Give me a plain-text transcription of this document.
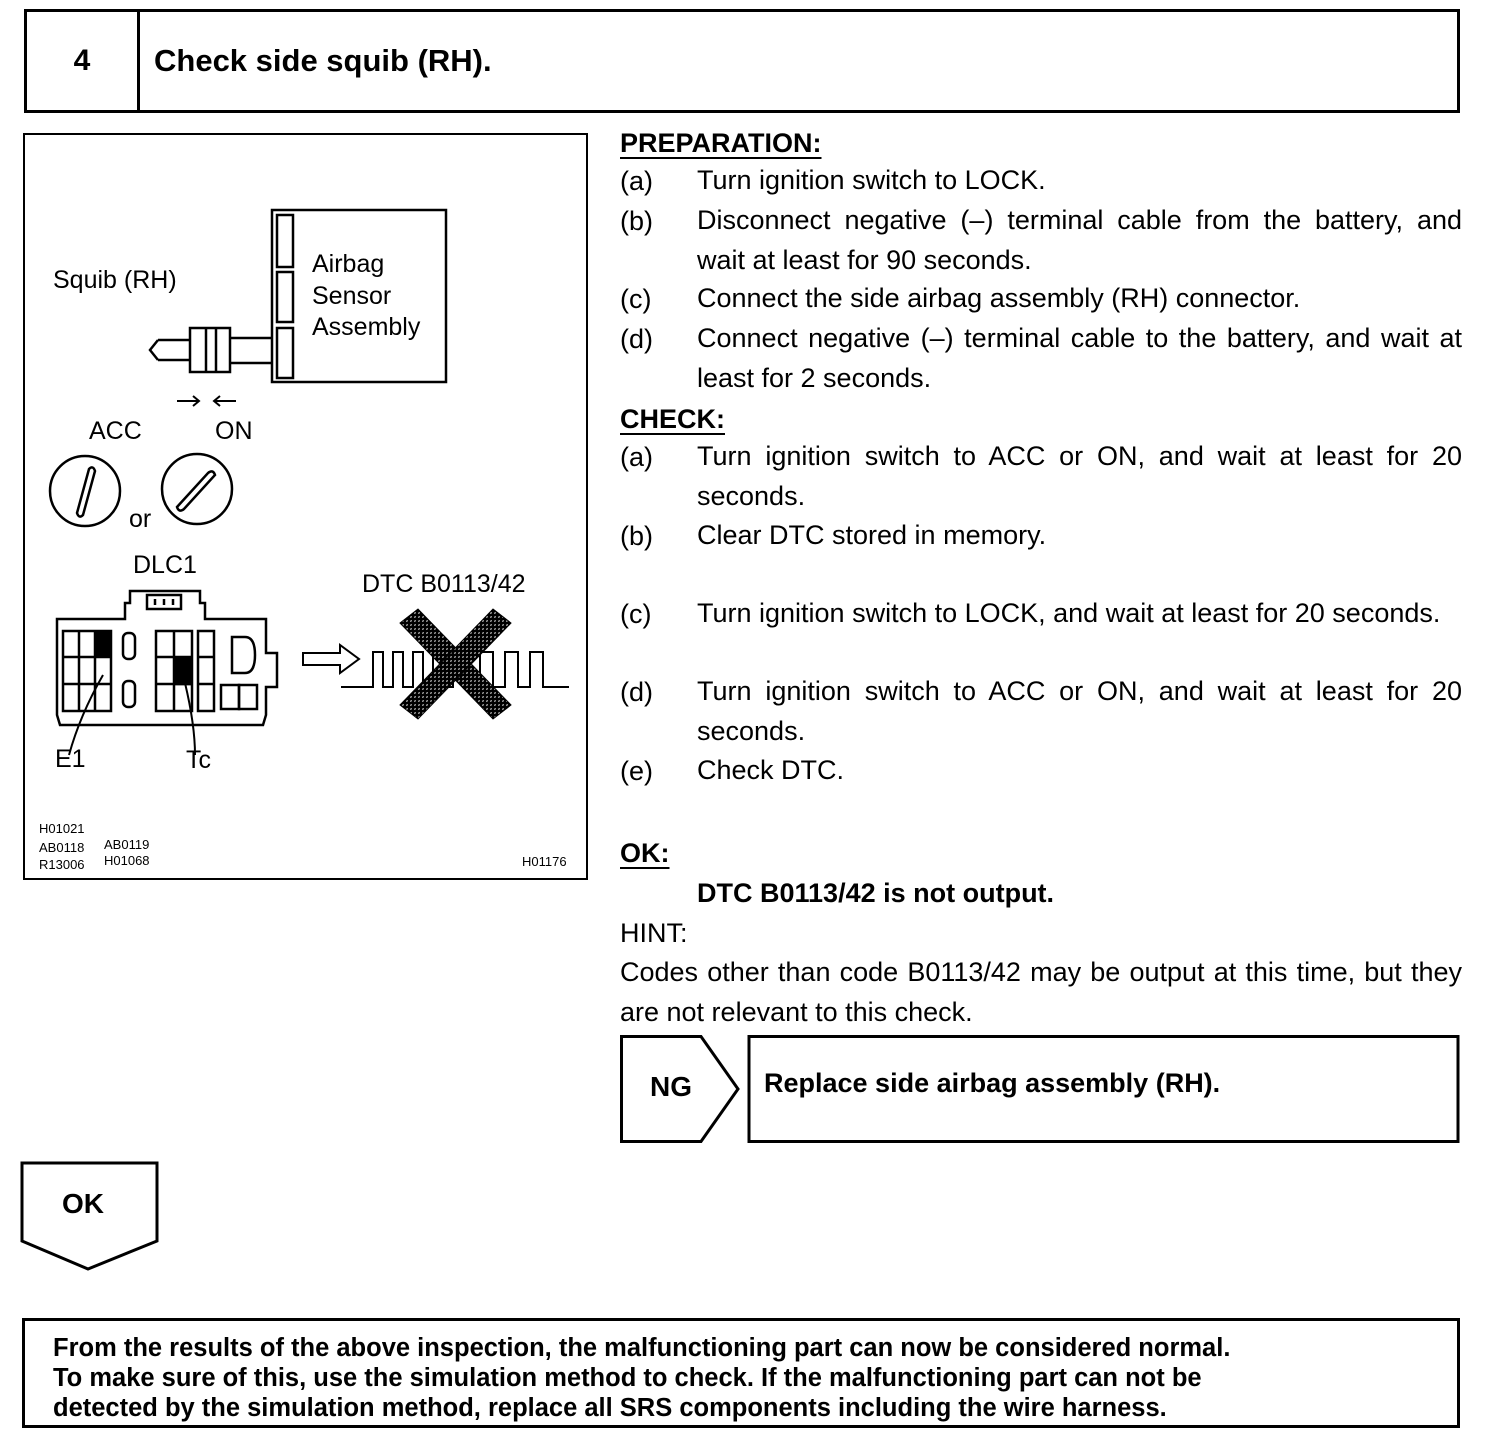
4	Check side squib (RH).
Squib (RH)
Airbag
Sensor
Assembly
ACC	ON
or
DLC1
DTC B0113/42
E1	Tc
H01021
AB0118 AB0119
R13006 H01068	H01176
PREPARATION:
(a) Turn ignition switch to LOCK.
(b) Disconnect negative (–) terminal cable from the battery, and wait at least for 90 seconds.
(c) Connect the side airbag assembly (RH) connector.
(d) Connect negative (–) terminal cable to the battery, and wait at least for 2 seconds.
CHECK:
(a) Turn ignition switch to ACC or ON, and wait at least for 20 seconds.
(b) Clear DTC stored in memory.
(c) Turn ignition switch to LOCK, and wait at least for 20 seconds.
(d) Turn ignition switch to ACC or ON, and wait at least for 20 seconds.
(e) Check DTC.
OK:
DTC B0113/42 is not output.
HINT:
Codes other than code B0113/42 may be output at this time, but they are not relevant to this check.
NG	Replace side airbag assembly (RH).
OK
From the results of the above inspection, the malfunctioning part can now be considered normal.
To make sure of this, use the simulation method to check. If the malfunctioning part can not be
detected by the simulation method, replace all SRS components including the wire harness.
